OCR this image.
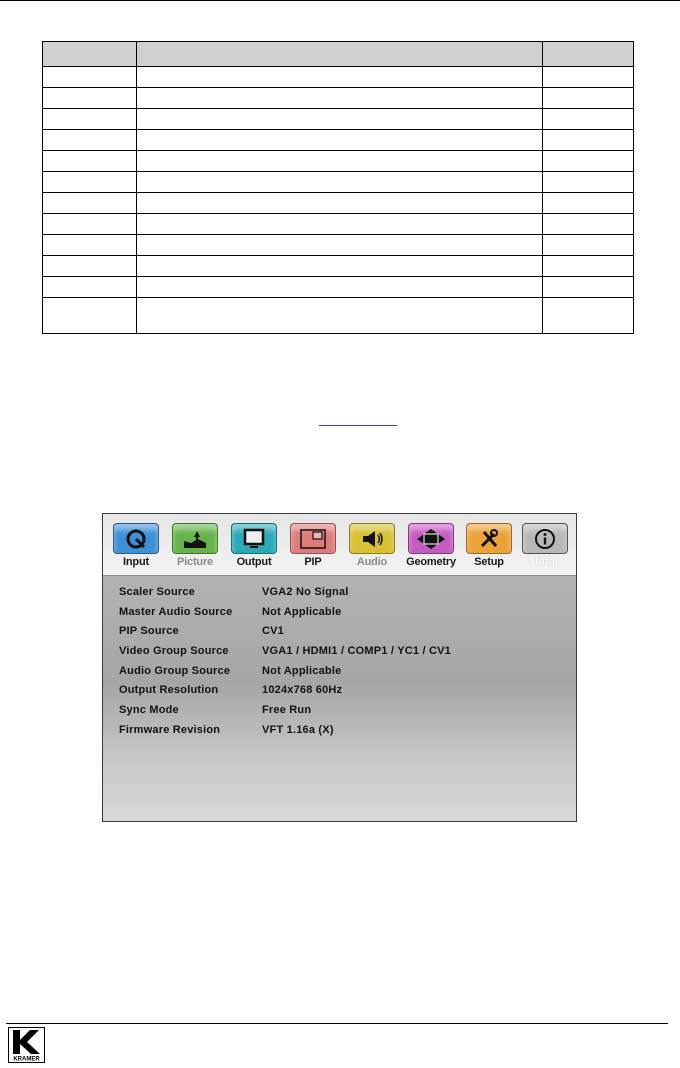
Input	Picture	Output	PIP	Audio	Geometry	Setup	Info
Scaler Source	VGA2 No Signal
Master Audio Source	Not Applicable
PIP Source	CV1
Video Group Source	VGA1 / HDMI1 / COMP1 / YC1 / CV1
Audio Group Source	Not Applicable
Output Resolution	1024x768 60Hz
Sync Mode	Free Run
Firmware Revision	VFT 1.16a (X)
KRAMER
